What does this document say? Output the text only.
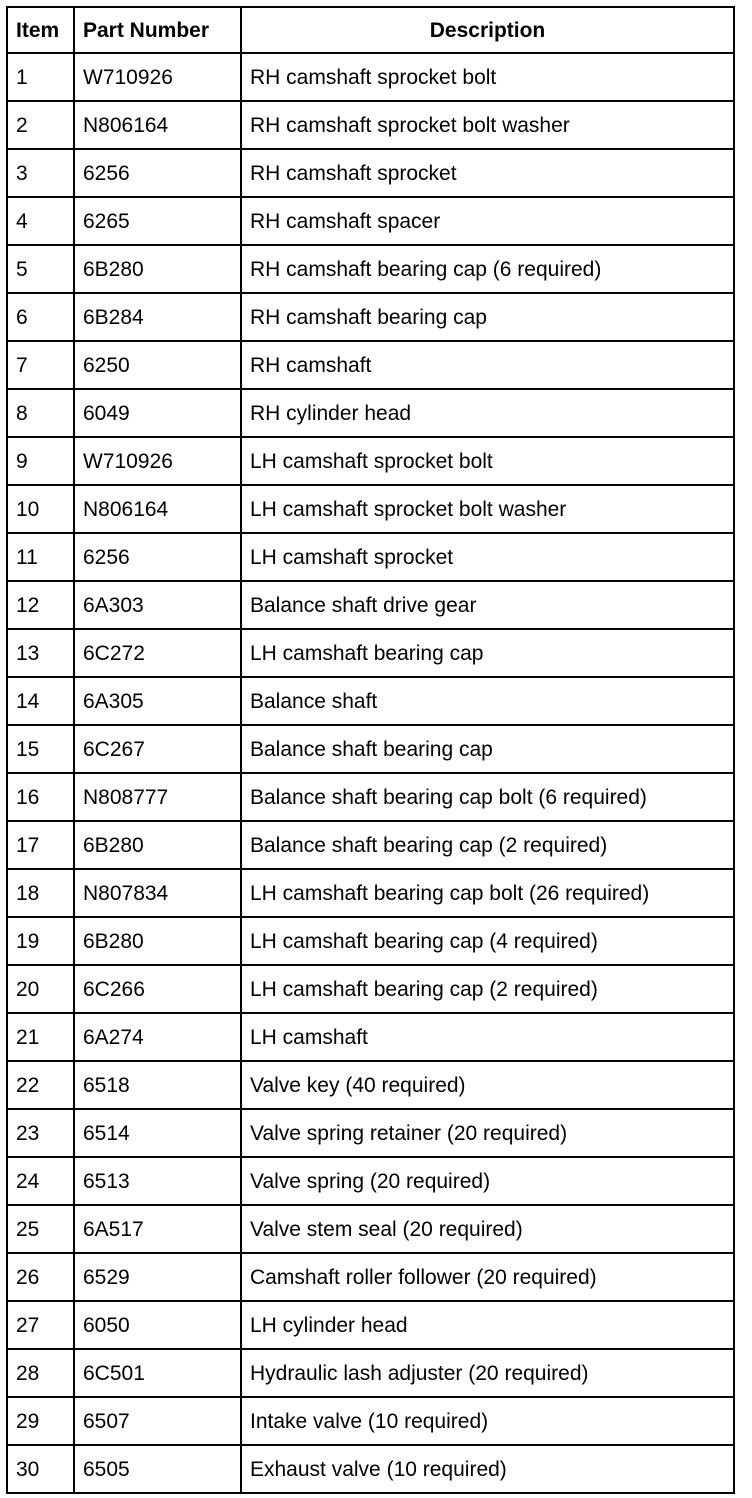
Item	Part Number	Description
1	W710926	RH camshaft sprocket bolt
2	N806164	RH camshaft sprocket bolt washer
3	6256	RH camshaft sprocket
4	6265	RH camshaft spacer
5	6B280	RH camshaft bearing cap (6 required)
6	6B284	RH camshaft bearing cap
7	6250	RH camshaft
8	6049	RH cylinder head
9	W710926	LH camshaft sprocket bolt
10	N806164	LH camshaft sprocket bolt washer
11	6256	LH camshaft sprocket
12	6A303	Balance shaft drive gear
13	6C272	LH camshaft bearing cap
14	6A305	Balance shaft
15	6C267	Balance shaft bearing cap
16	N808777	Balance shaft bearing cap bolt (6 required)
17	6B280	Balance shaft bearing cap (2 required)
18	N807834	LH camshaft bearing cap bolt (26 required)
19	6B280	LH camshaft bearing cap (4 required)
20	6C266	LH camshaft bearing cap (2 required)
21	6A274	LH camshaft
22	6518	Valve key (40 required)
23	6514	Valve spring retainer (20 required)
24	6513	Valve spring (20 required)
25	6A517	Valve stem seal (20 required)
26	6529	Camshaft roller follower (20 required)
27	6050	LH cylinder head
28	6C501	Hydraulic lash adjuster (20 required)
29	6507	Intake valve (10 required)
30	6505	Exhaust valve (10 required)
